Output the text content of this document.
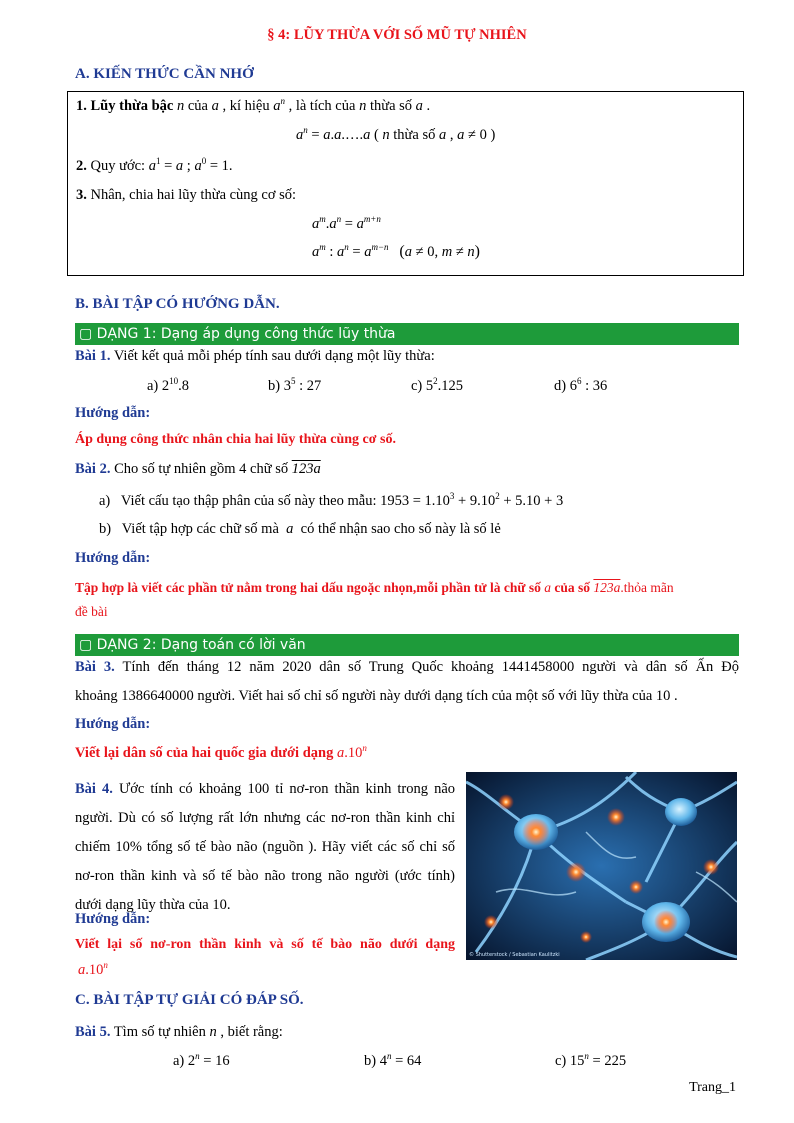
§ 4: LŨY THỪA VỚI SỐ MŨ TỰ NHIÊN
A. KIẾN THỨC CẦN NHỚ
1. Lũy thừa bậc n của a , kí hiệu $a^n$ , là tích của n thừa số a .
$a^n$ = a.a.….a ( n thừa số a , a ≠ 0 )
2. Quy ước: $a^1 = a$ ; $a^0 = 1$.
3. Nhân, chia hai lũy thừa cùng cơ số:
$a^m.a^n = a^{m+n}$
$a^m$ : $a^n = a^{m-n}$ (a ≠ 0, m ≠ n)
B. BÀI TẬP CÓ HƯỚNG DẪN.
▢ DẠNG 1: Dạng áp dụng công thức lũy thừa
Bài 1. Viết kết quả mỗi phép tính sau dưới dạng một lũy thừa:
a) $2^{10}.8$	b) $3^5$ : 27	c) $5^2.125$	d) $6^6$ : 36
Hướng dẫn:
Áp dụng công thức nhân chia hai lũy thừa cùng cơ số.
Bài 2. Cho số tự nhiên gồm 4 chữ số 123a
a)   Viết cấu tạo thập phân của số này theo mẫu: $1953 = 1.10^3 + 9.10^2 + 5.10 + 3$
b)   Viết tập hợp các chữ số mà  a  có thể nhận sao cho số này là số lẻ
Hướng dẫn:
Tập hợp là viết các phần tử nằm trong hai dấu ngoặc nhọn,mỗi phần tử là chữ số a của số 123a.thỏa mãn
đề bài
▢ DẠNG 2: Dạng toán có lời văn
Bài 3. Tính đến tháng 12 năm 2020 dân số Trung Quốc khoảng 1441458000 người và dân số Ấn Độ
khoảng 1386640000 người. Viết hai số chỉ số người này dưới dạng tích của một số với lũy thừa của 10 .
Hướng dẫn:
Viết lại dân số của hai quốc gia dưới dạng a.10$^n$
Bài 4. Ước tính có khoảng 100 tỉ nơ-ron thần kinh trong não
người. Dù có số lượng rất lớn nhưng các nơ-ron thần kinh chỉ
chiếm 10% tổng số tế bào não (nguồn ). Hãy viết các số chỉ số
nơ-ron thần kinh và số tế bào não trong não người (ước tính)
dưới dạng lũy thừa của 10.
Hướng dẫn:
Viết lại số nơ-ron thần kinh và số tế bào não dưới dạng
a.10$^n$
© Shutterstock / Sebastian Kaulitzki
C. BÀI TẬP TỰ GIẢI CÓ ĐÁP SỐ.
Bài 5. Tìm số tự nhiên n , biết rằng:
a) $2^n = 16$	b) $4^n = 64$	c) $15^n = 225$
Trang_1
